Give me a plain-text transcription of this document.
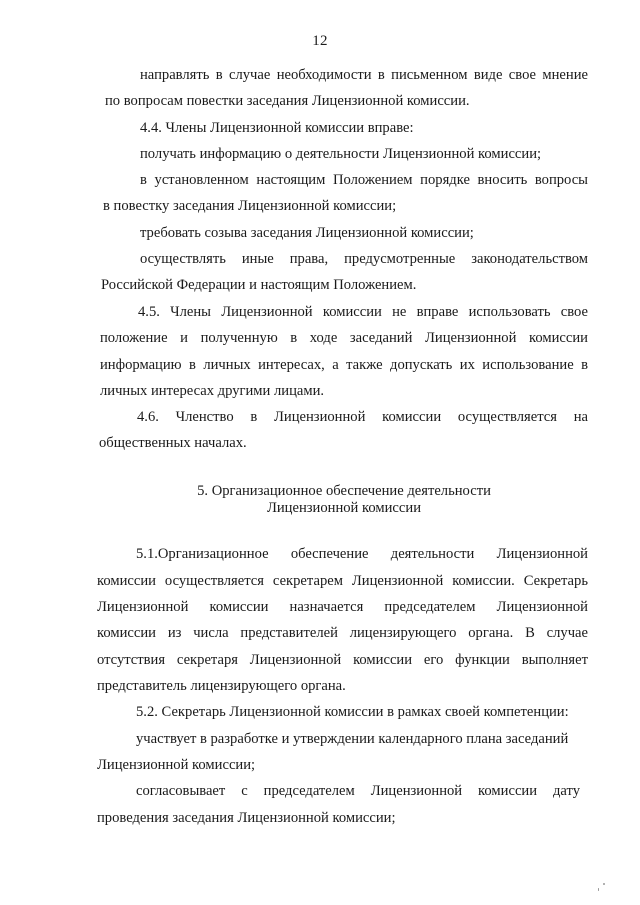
12

направлять в случае необходимости в письменном виде свое мнение

по вопросам повестки заседания Лицензионной комиссии.

4.4. Члены Лицензионной комиссии вправе:

получать информацию о деятельности Лицензионной комиссии;

в установленном настоящим Положением порядке вносить вопросы

в повестку заседания Лицензионной комиссии;

требовать созыва заседания Лицензионной комиссии;

осуществлять иные права, предусмотренные законодательством

Российской Федерации и настоящим Положением.

4.5. Члены Лицензионной комиссии не вправе использовать свое

положение и полученную в ходе заседаний Лицензионной комиссии

информацию в личных интересах, а также допускать их использование в

личных интересах другими лицами.

4.6. Членство в Лицензионной комиссии осуществляется на

общественных началах.

5. Организационное обеспечение деятельности

Лицензионной комиссии

5.1.Организационное обеспечение деятельности Лицензионной

комиссии осуществляется секретарем Лицензионной комиссии. Секретарь

Лицензионной комиссии назначается председателем Лицензионной

комиссии из числа представителей лицензирующего органа. В случае

отсутствия секретаря Лицензионной комиссии его функции выполняет

представитель лицензирующего органа.

5.2. Секретарь Лицензионной комиссии в рамках своей компетенции:

участвует в разработке и утверждении календарного плана заседаний

Лицензионной комиссии;

согласовывает с председателем Лицензионной комиссии дату

проведения заседания Лицензионной комиссии;
